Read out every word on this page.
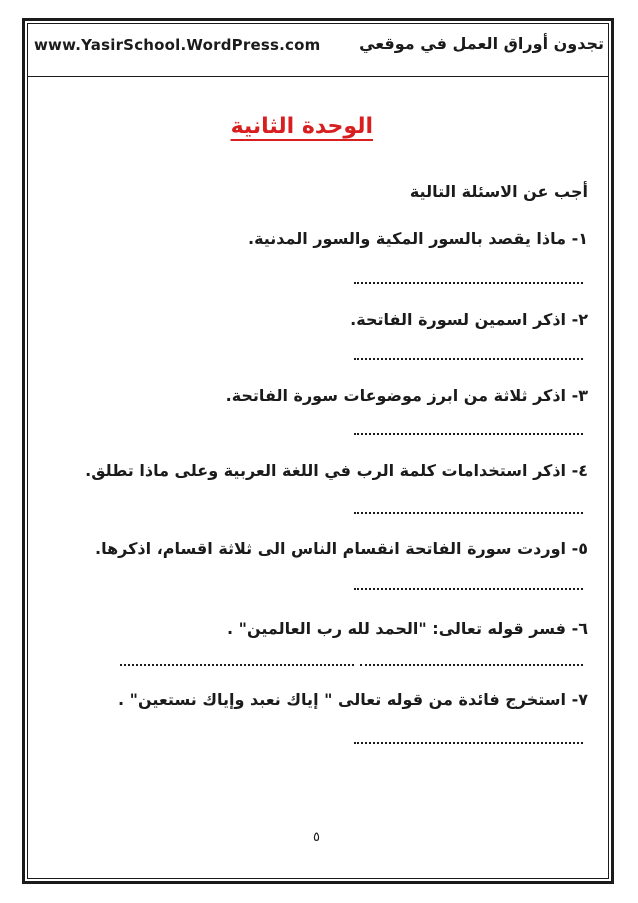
www.YasirSchool.WordPress.com تجدون أوراق العمل في موقعي
الوحدة الثانية
أجب عن الاسئلة التالية
١- ماذا يقصد بالسور المكية والسور المدنية.
٢- اذكر اسمين لسورة الفاتحة.
٣- اذكر ثلاثة من ابرز موضوعات سورة الفاتحة.
٤- اذكر استخدامات كلمة الرب في اللغة العربية وعلى ماذا تطلق.
٥- اوردت سورة الفاتحة انقسام الناس الى ثلاثة اقسام، اذكرها.
٦- فسر قوله تعالى: "الحمد لله رب العالمين" .
٧- استخرج فائدة من قوله تعالى " إياك نعبد وإياك نستعين" .
٥
